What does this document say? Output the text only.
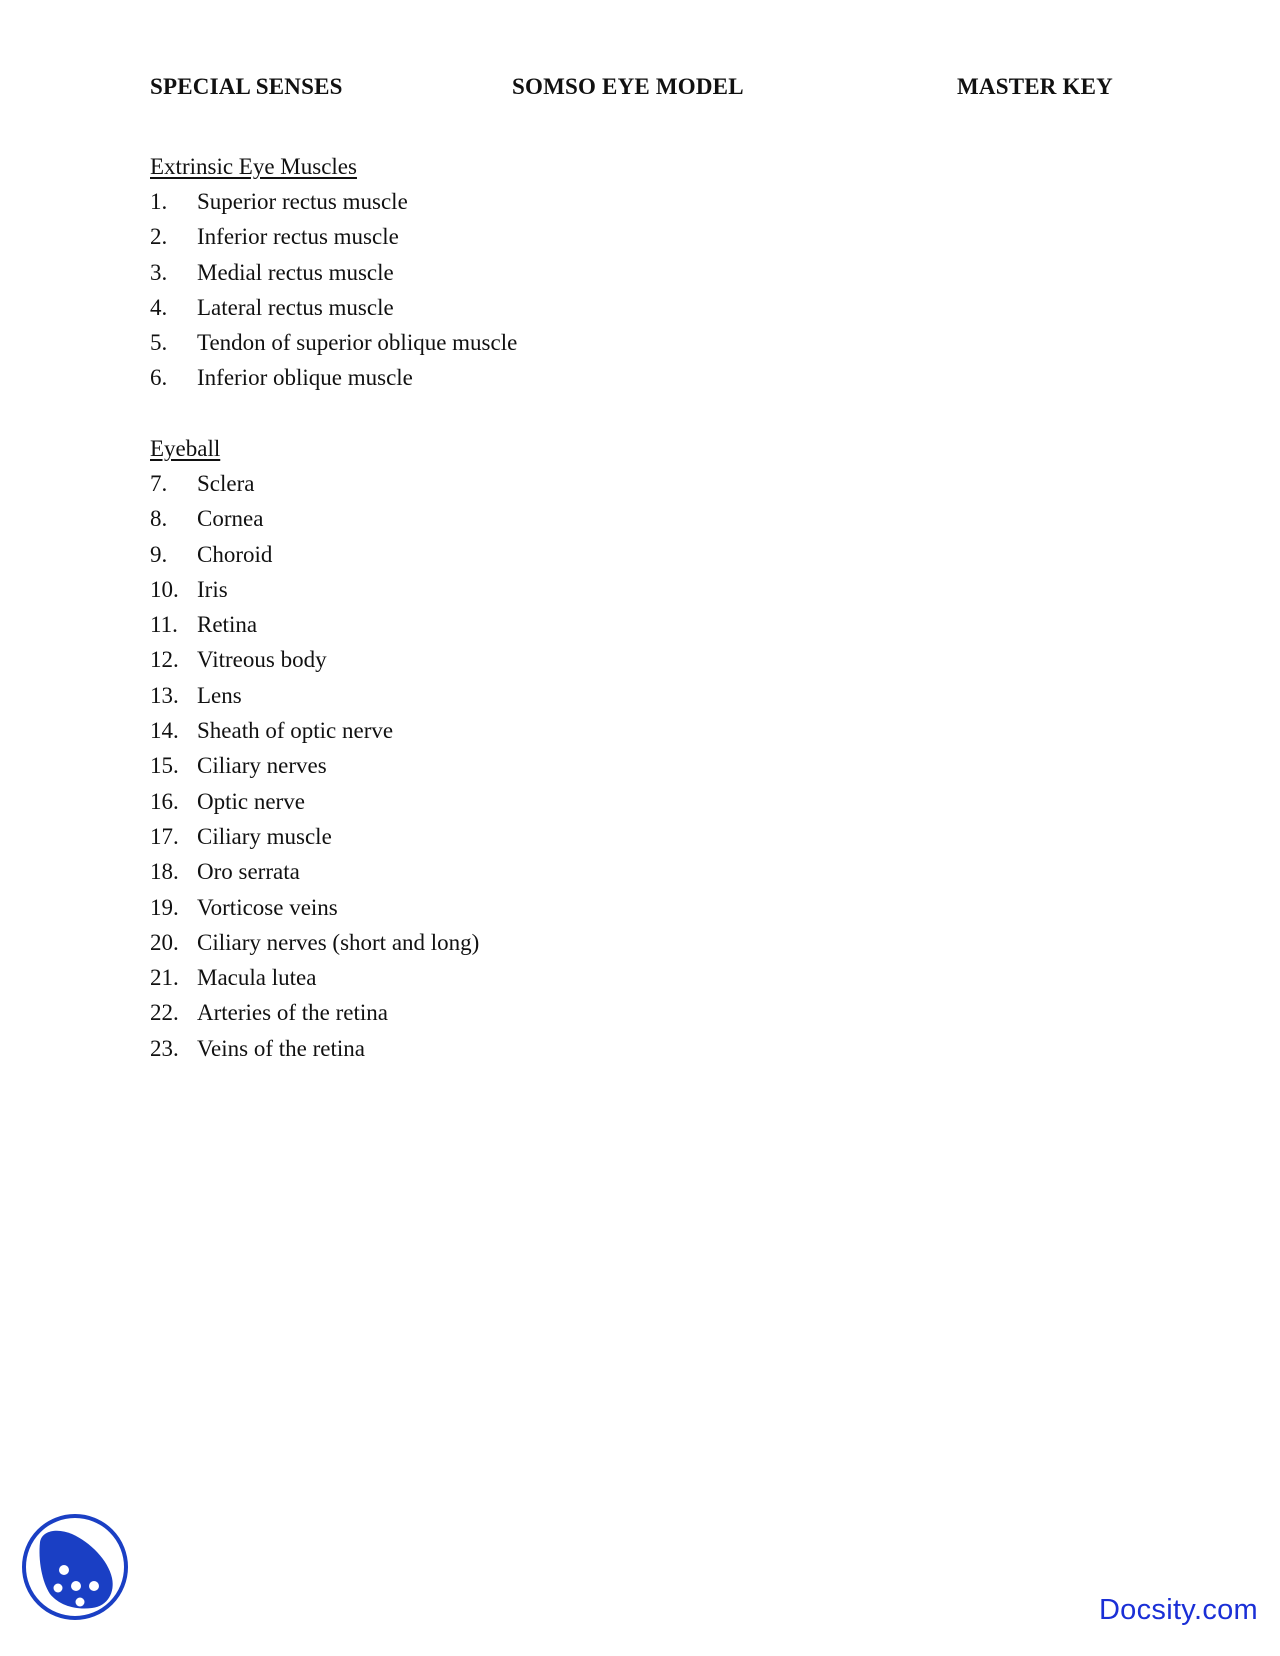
SPECIAL SENSES	SOMSO EYE MODEL	MASTER KEY
Extrinsic Eye Muscles
1. Superior rectus muscle
2. Inferior rectus muscle
3. Medial rectus muscle
4. Lateral rectus muscle
5. Tendon of superior oblique muscle
6. Inferior oblique muscle
Eyeball
7. Sclera
8. Cornea
9. Choroid
10. Iris
11. Retina
12. Vitreous body
13. Lens
14. Sheath of optic nerve
15. Ciliary nerves
16. Optic nerve
17. Ciliary muscle
18. Oro serrata
19. Vorticose veins
20. Ciliary nerves (short and long)
21. Macula lutea
22. Arteries of the retina
23. Veins of the retina
Docsity.com
